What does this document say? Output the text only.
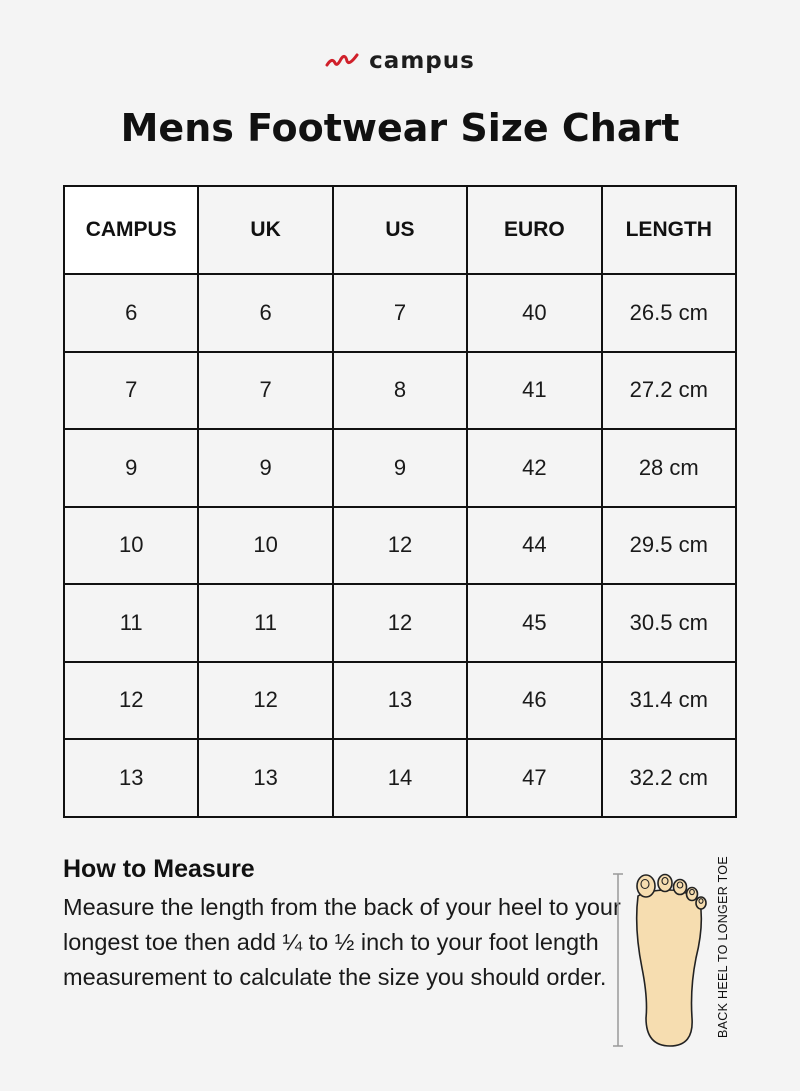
campus
Mens Footwear Size Chart
CAMPUS	UK	US	EURO	LENGTH
6	6	7	40	26.5 cm
7	7	8	41	27.2 cm
9	9	9	42	28 cm
10	10	12	44	29.5 cm
11	11	12	45	30.5 cm
12	12	13	46	31.4 cm
13	13	14	47	32.2 cm
How to Measure

Measure the length from the back of your heel to your longest toe then add ¼ to ½ inch to your foot length measurement to calculate the size you should order.	BACK HEEL TO LONGER TOE
